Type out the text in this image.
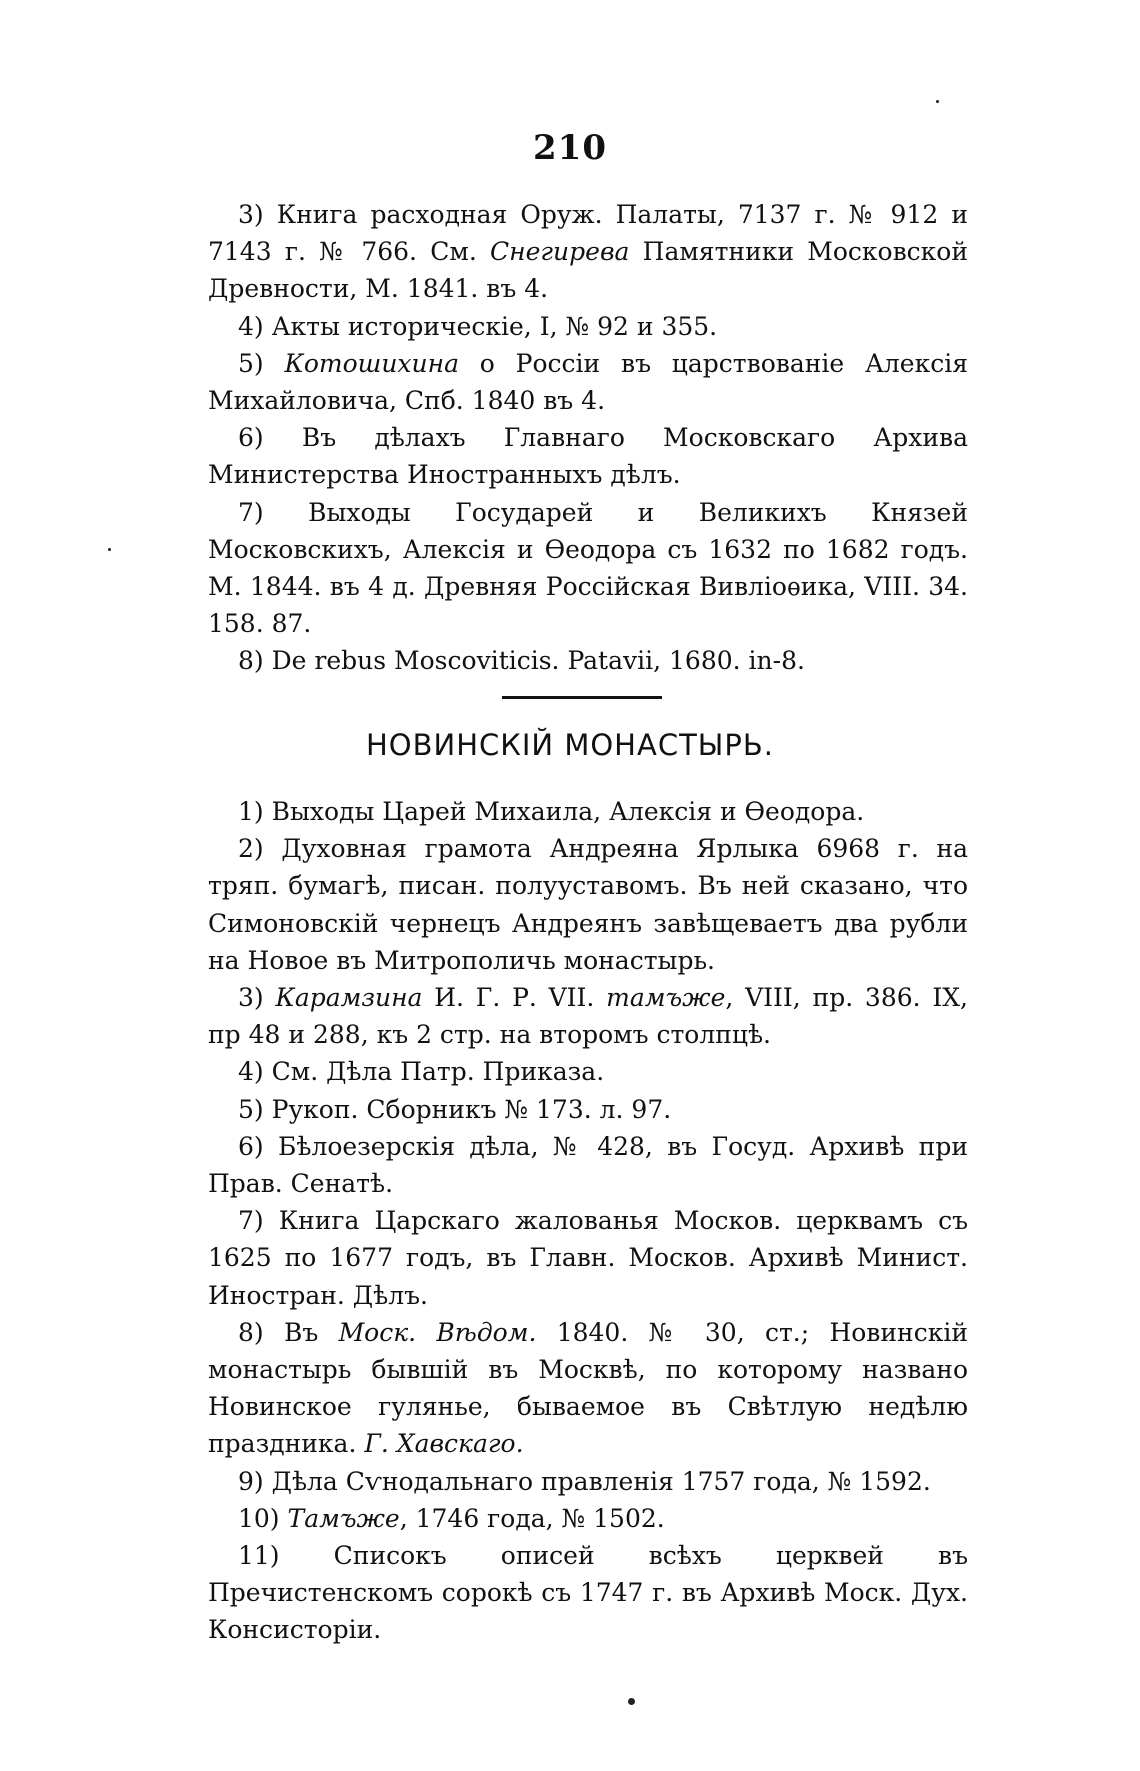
210

3) Книга расходная Оруж. Палаты, 7137 г. № 912 и 7143 г. № 766. См. Снегирева Памятники Московской Древности, М. 1841. въ 4.

4) Акты историческіе, I, № 92 и 355.

5) Котошихина о Россіи въ царствованіе Алексія Михайловича, Спб. 1840 въ 4.

6) Въ дѣлахъ Главнаго Московскаго Архива Министерства Иностранныхъ дѣлъ.

7) Выходы Государей и Великихъ Князей Московскихъ, Алексія и Өеодора съ 1632 по 1682 годъ. М. 1844. въ 4 д. Древняя Россійская Вивліоѳика, VIII. 34. 158. 87.

8) De rebus Moscoviticis. Patavii, 1680. in-8.

НОВИНСКІЙ МОНАСТЫРЬ.

1) Выходы Царей Михаила, Алексія и Өеодора.

2) Духовная грамота Андреяна Ярлыка 6968 г. на тряп. бумагѣ, писан. полууставомъ. Въ ней сказано, что Симоновскій чернецъ Андреянъ завѣщеваетъ два рубли на Новое въ Митрополичь монастырь.

3) Карамзина И. Г. Р. VII. тамъже, VIII, пр. 386. IX, пр 48 и 288, къ 2 стр. на второмъ столпцѣ.

4) См. Дѣла Патр. Приказа.

5) Рукоп. Сборникъ № 173. л. 97.

6) Бѣлоезерскія дѣла, № 428, въ Госуд. Архивѣ при Прав. Сенатѣ.

7) Книга Царскаго жалованья Москов. церквамъ съ 1625 по 1677 годъ, въ Главн. Москов. Архивѣ Минист. Иностран. Дѣлъ.

8) Въ Моск. Вѣдом. 1840. № 30, ст.; Новинскій монастырь бывшій въ Москвѣ, по которому названо Новинское гулянье, бываемое въ Свѣтлую недѣлю праздника. Г. Хавскаго.

9) Дѣла Сѵнодальнаго правленія 1757 года, № 1592.

10) Тамъже, 1746 года, № 1502.

11) Списокъ описей всѣхъ церквей въ Пречистенскомъ сорокѣ съ 1747 г. въ Архивѣ Моск. Дух. Консисторіи.
